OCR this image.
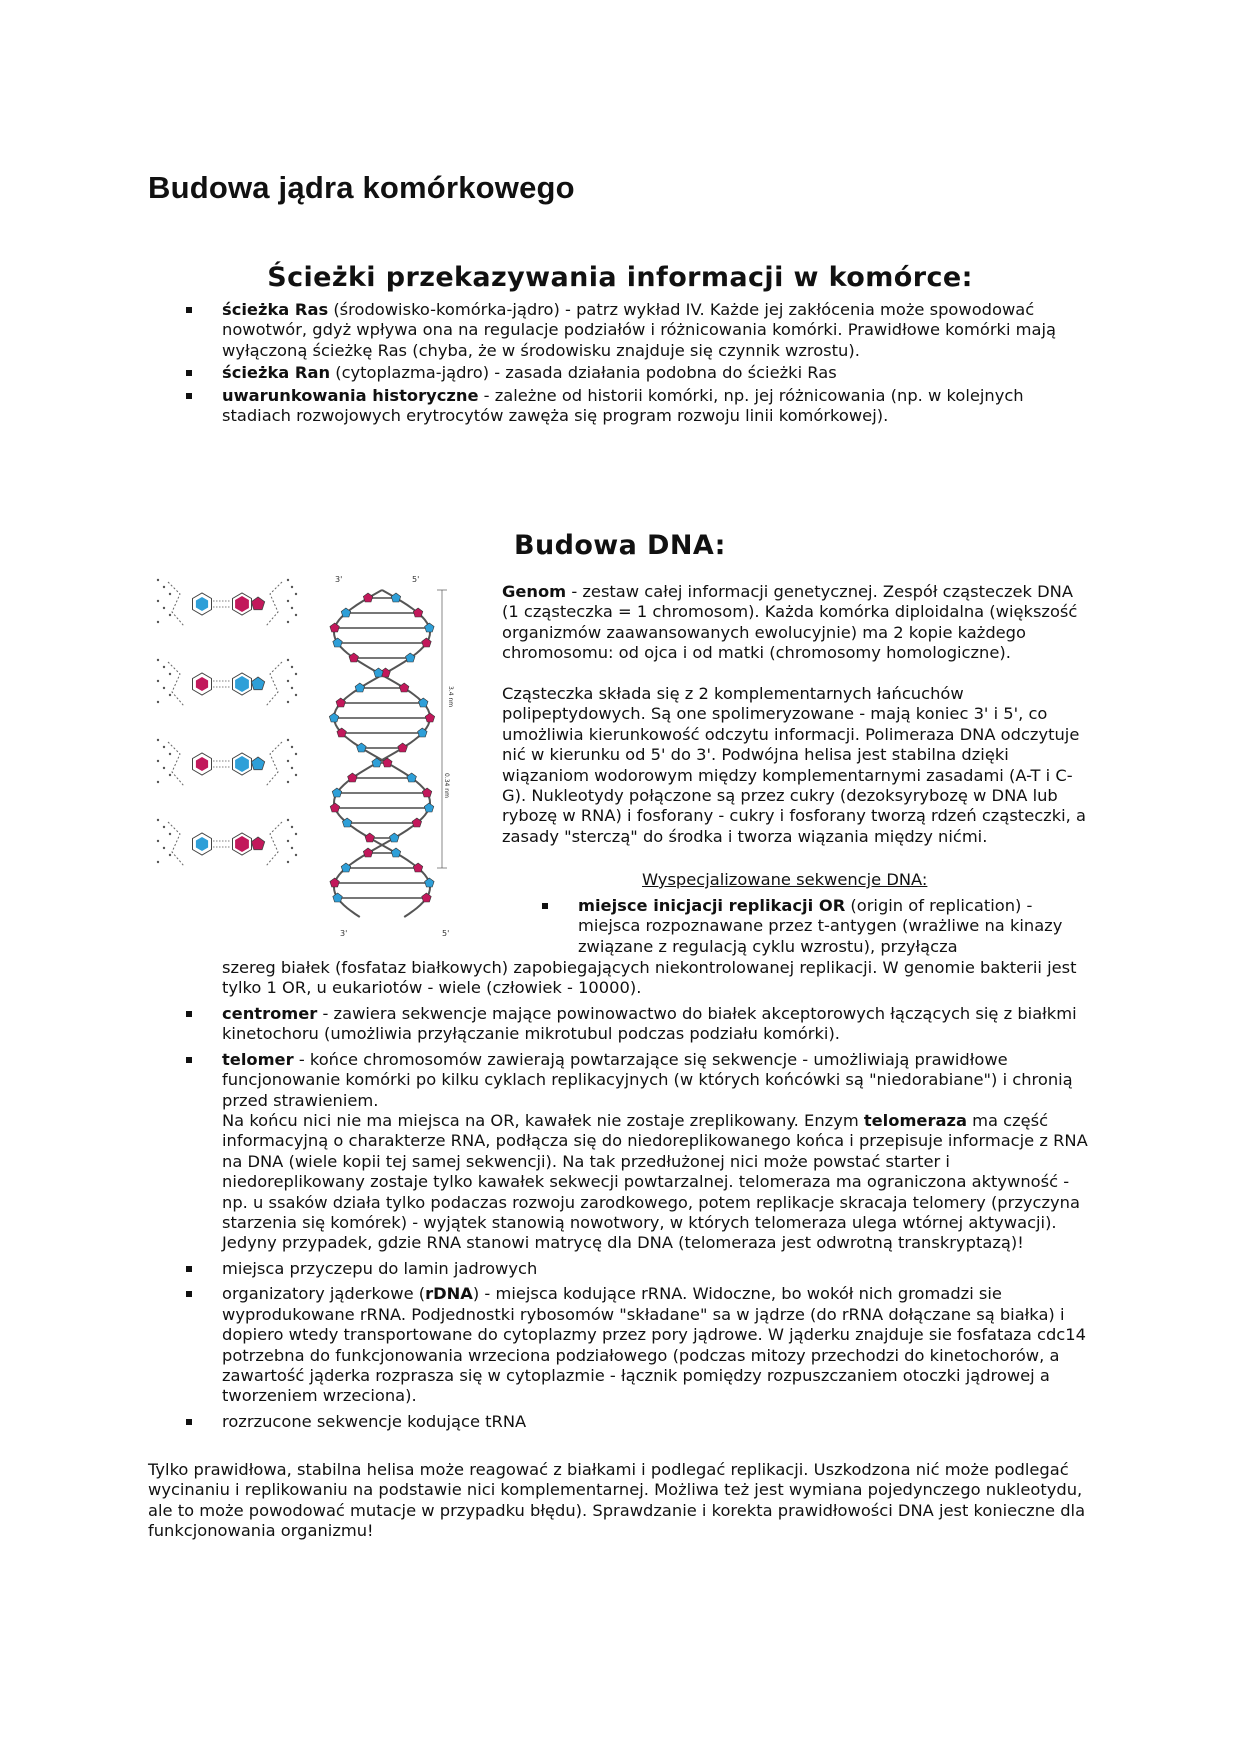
Budowa jądra komórkowego
Ścieżki przekazywania informacji w komórce:
ścieżka Ras (środowisko-komórka-jądro) - patrz wykład IV. Każde jej zakłócenia może spowodować nowotwór, gdyż wpływa ona na regulacje podziałów i różnicowania komórki. Prawidłowe komórki mają wyłączoną ścieżkę Ras (chyba, że w środowisku znajduje się czynnik wzrostu).
ścieżka Ran (cytoplazma-jądro) - zasada działania podobna do ścieżki Ras
uwarunkowania historyczne - zależne od historii komórki, np. jej różnicowania (np. w kolejnych stadiach rozwojowych erytrocytów zawęża się program rozwoju linii komórkowej).
Budowa DNA:
3'	5'
3'	5'
3.4 nm
0.34 nm
Genom - zestaw całej informacji genetycznej. Zespół cząsteczek DNA (1 cząsteczka = 1 chromosom). Każda komórka diploidalna (większość organizmów zaawansowanych ewolucyjnie) ma 2 kopie każdego chromosomu: od ojca i od matki (chromosomy homologiczne).
Cząsteczka składa się z 2 komplementarnych łańcuchów polipeptydowych. Są one spolimeryzowane - mają koniec 3' i 5', co umożliwia kierunkowość odczytu informacji. Polimeraza DNA odczytuje nić w kierunku od 5' do 3'. Podwójna helisa jest stabilna dzięki wiązaniom wodorowym między komplementarnymi zasadami (A-T i C-G). Nukleotydy połączone są przez cukry (dezoksyrybozę w DNA lub rybozę w RNA) i fosforany - cukry i fosforany tworzą rdzeń cząsteczki, a zasady "sterczą" do środka i tworza wiązania między nićmi.
Wyspecjalizowane sekwencje DNA:
miejsce inicjacji replikacji OR (origin of replication) - miejsca rozpoznawane przez t-antygen (wrażliwe na kinazy związane z regulacją cyklu wzrostu), przyłącza
szereg białek (fosfataz białkowych) zapobiegających niekontrolowanej replikacji. W genomie bakterii jest tylko 1 OR, u eukariotów - wiele (człowiek - 10000).
centromer - zawiera sekwencje mające powinowactwo do białek akceptorowych łączących się z białkmi kinetochoru (umożliwia przyłączanie mikrotubul podczas podziału komórki).
telomer - końce chromosomów zawierają powtarzające się sekwencje - umożliwiają prawidłowe funcjonowanie komórki po kilku cyklach replikacyjnych (w których końcówki są "niedorabiane") i chronią przed strawieniem.
Na końcu nici nie ma miejsca na OR, kawałek nie zostaje zreplikowany. Enzym telomeraza ma część informacyjną o charakterze RNA, podłącza się do niedoreplikowanego końca i przepisuje informacje z RNA na DNA (wiele kopii tej samej sekwencji). Na tak przedłużonej nici może powstać starter i niedoreplikowany zostaje tylko kawałek sekwecji powtarzalnej. telomeraza ma ograniczona aktywność - np. u ssaków działa tylko podaczas rozwoju zarodkowego, potem replikacje skracaja telomery (przyczyna starzenia się komórek) - wyjątek stanowią nowotwory, w których telomeraza ulega wtórnej aktywacji). Jedyny przypadek, gdzie RNA stanowi matrycę dla DNA (telomeraza jest odwrotną transkryptazą)!
miejsca przyczepu do lamin jadrowych
organizatory jąderkowe (rDNA) - miejsca kodujące rRNA. Widoczne, bo wokół nich gromadzi sie wyprodukowane rRNA. Podjednostki rybosomów "składane" sa w jądrze (do rRNA dołączane są białka) i dopiero wtedy transportowane do cytoplazmy przez pory jądrowe. W jąderku znajduje sie fosfataza cdc14 potrzebna do funkcjonowania wrzeciona podziałowego (podczas mitozy przechodzi do kinetochorów, a zawartość jąderka rozprasza się w cytoplazmie - łącznik pomiędzy rozpuszczaniem otoczki jądrowej a tworzeniem wrzeciona).
rozrzucone sekwencje kodujące tRNA
Tylko prawidłowa, stabilna helisa może reagować z białkami i podlegać replikacji. Uszkodzona nić może podlegać wycinaniu i replikowaniu na podstawie nici komplementarnej. Możliwa też jest wymiana pojedynczego nukleotydu, ale to może powodować mutacje w przypadku błędu). Sprawdzanie i korekta prawidłowości DNA jest konieczne dla funkcjonowania organizmu!
